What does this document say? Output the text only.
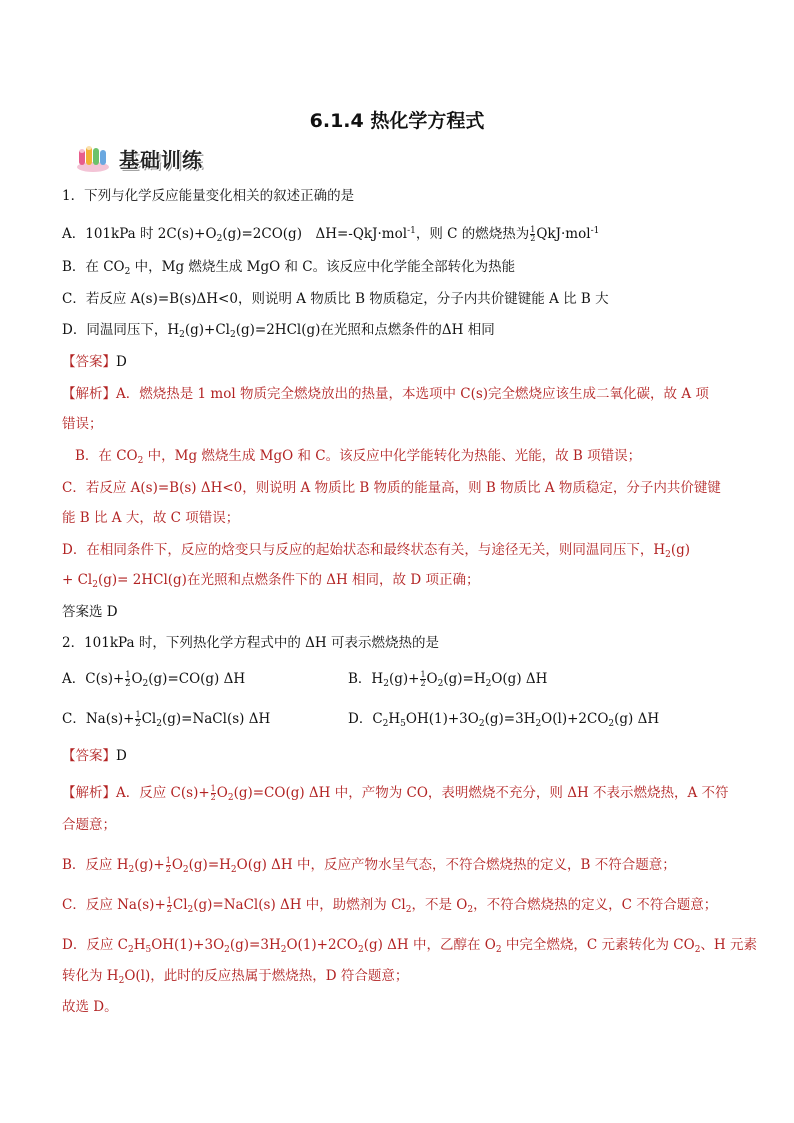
6.1.4 热化学方程式
基础训练
1．下列与化学反应能量变化相关的叙述正确的是
A．101kPa 时 $2C(s)+O_2(g)=2CO(g)$　ΔH=-QkJ·mol$^{-1}$，则 C 的燃烧热为 $\frac{1}{2} QkJ\cdot mol^{-1}$
B．在 $CO_2$ 中，Mg 燃烧生成 MgO 和 C。该反应中化学能全部转化为热能
C．若反应 A(s)=B(s)ΔH<0，则说明 A 物质比 B 物质稳定，分子内共价键键能 A 比 B 大
D．同温同压下，$H_2(g)+Cl_2(g)=2HCl(g)$在光照和点燃条件的ΔH 相同
【答案】D
【解析】A．燃烧热是 1 mol 物质完全燃烧放出的热量，本选项中 C(s)完全燃烧应该生成二氧化碳，故 A 项
错误；
B．在 $CO_2$ 中，Mg 燃烧生成 MgO 和 C。该反应中化学能转化为热能、光能，故 B 项错误；
C．若反应 A(s)=B(s) ΔH<0，则说明 A 物质比 B 物质的能量高，则 B 物质比 A 物质稳定，分子内共价键键
能 B 比 A 大，故 C 项错误；
D．在相同条件下，反应的焓变只与反应的起始状态和最终状态有关，与途径无关，则同温同压下，$H_2(g)$
+ $Cl_2(g)= 2HCl(g)$在光照和点燃条件下的 ΔH 相同，故 D 项正确；
答案选 D
2．101kPa 时，下列热化学方程式中的 ΔH 可表示燃烧热的是
A．$C(s)+ \frac{1}{2} O_2(g)=CO(g)$ ΔH	B．$H_2(g)+ \frac{1}{2} O_2(g)=H_2O(g)$ ΔH
C．$Na(s)+ \frac{1}{2}$ $Cl_2(g)=NaCl(s)$ ΔH	D．$C_2H_5OH(1)+3O_2(g)=3H_2O(l)+2CO_2(g)$ ΔH
【答案】D
【解析】A．反应 $C(s)+ \frac{1}{2} O_2(g)=CO(g)$ ΔH 中，产物为 CO，表明燃烧不充分，则 ΔH 不表示燃烧热，A 不符
合题意；
B．反应 $H_2(g)+ \frac{1}{2} O_2(g)=H_2O(g)$ ΔH 中，反应产物水呈气态，不符合燃烧热的定义，B 不符合题意；
C．反应 $Na(s)+ \frac{1}{2}$ $Cl_2(g)=NaCl(s)$ ΔH 中，助燃剂为 $Cl_2$，不是 $O_2$，不符合燃烧热的定义，C 不符合题意；
D．反应 $C_2H_5OH(1)+3O_2(g)=3H_2O(1)+2CO_2(g)$ ΔH 中，乙醇在 $O_2$ 中完全燃烧，C 元素转化为 $CO_2$、H 元素
转化为 $H_2O(l)$，此时的反应热属于燃烧热，D 符合题意；
故选 D。
